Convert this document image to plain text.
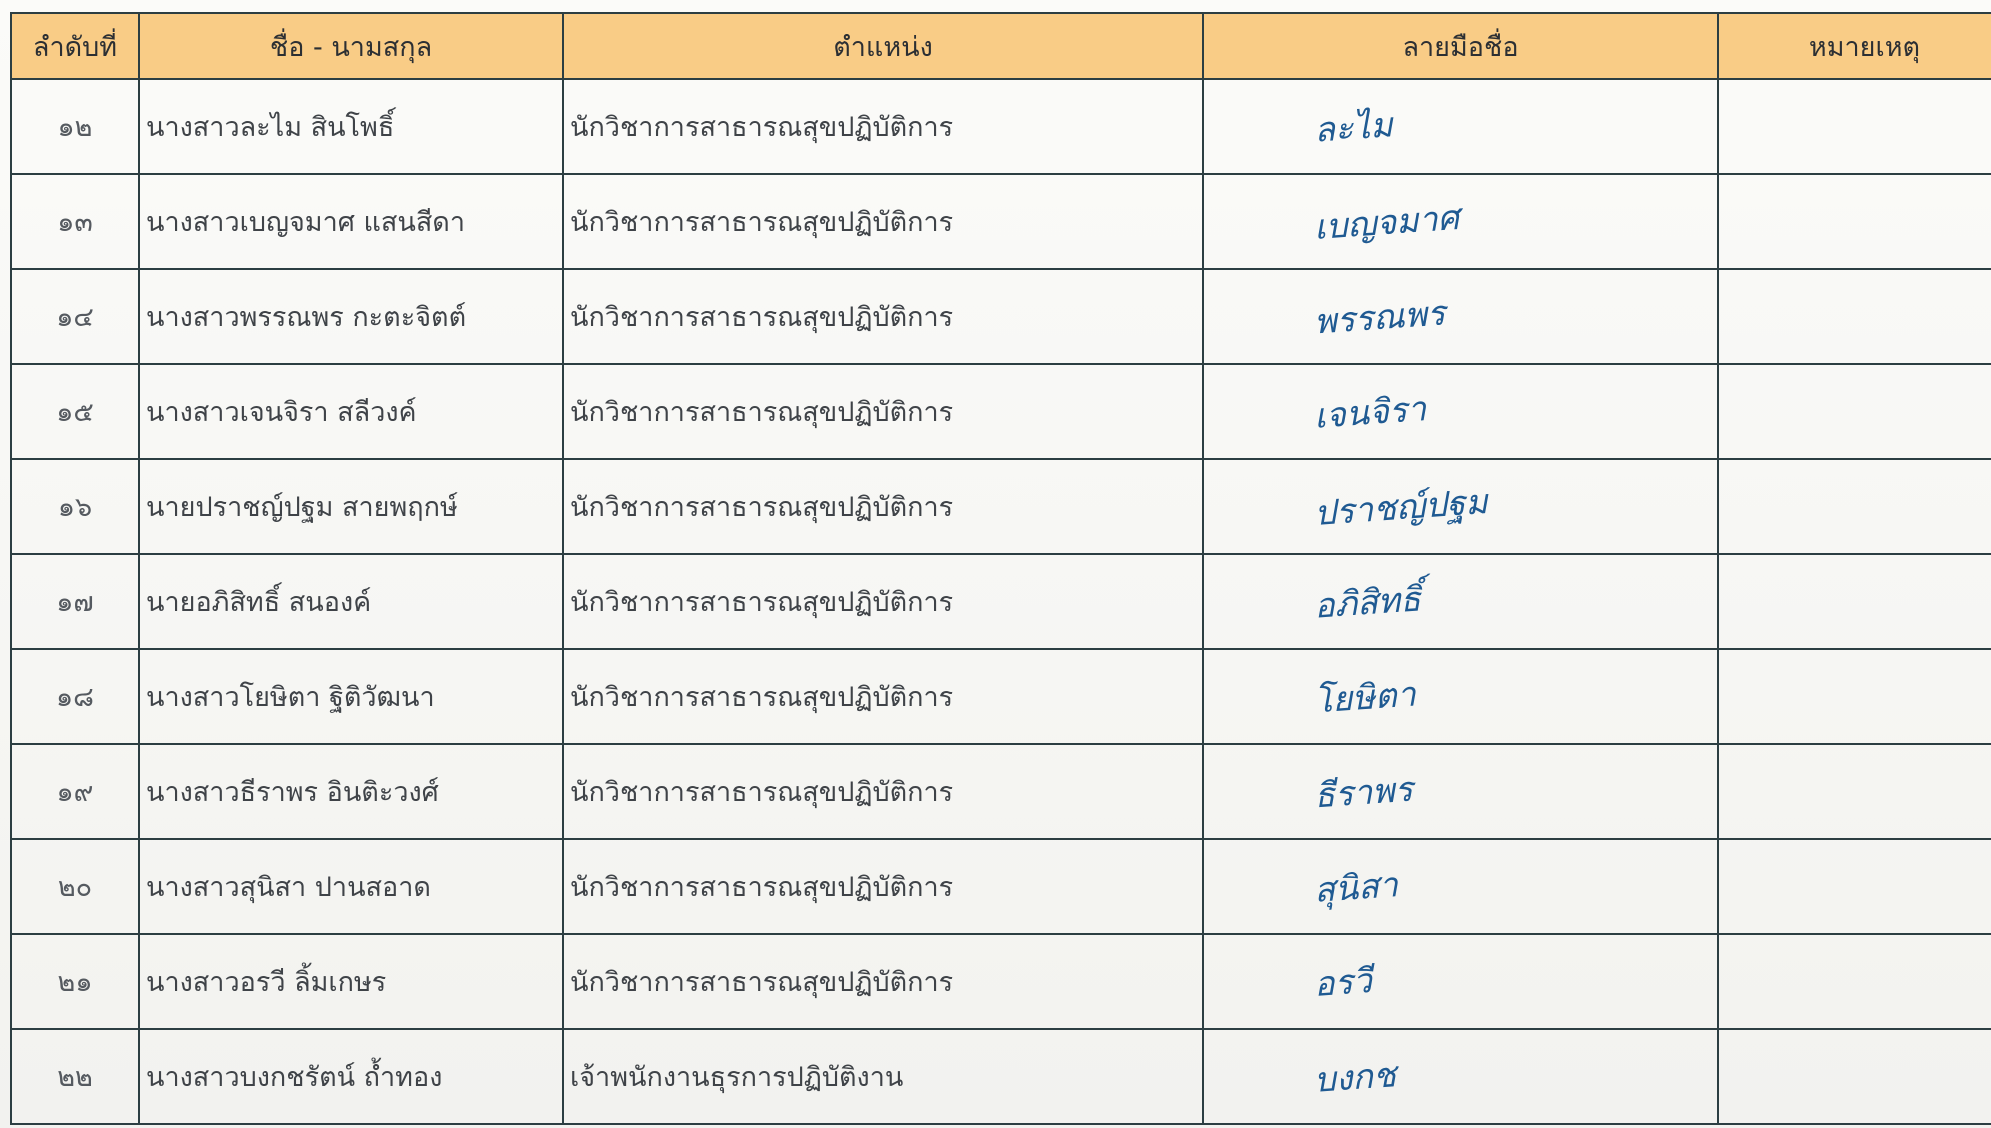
ลำดับที่	ชื่อ - นามสกุล	ตำแหน่ง	ลายมือชื่อ	หมายเหตุ
๑๒	นางสาวละไม สินโพธิ์	นักวิชาการสาธารณสุขปฏิบัติการ	ละไม	
๑๓	นางสาวเบญจมาศ แสนสีดา	นักวิชาการสาธารณสุขปฏิบัติการ	เบญจมาศ	
๑๔	นางสาวพรรณพร กะตะจิตต์	นักวิชาการสาธารณสุขปฏิบัติการ	พรรณพร	
๑๕	นางสาวเจนจิรา สลีวงค์	นักวิชาการสาธารณสุขปฏิบัติการ	เจนจิรา	
๑๖	นายปราชญ์ปฐม สายพฤกษ์	นักวิชาการสาธารณสุขปฏิบัติการ	ปราชญ์ปฐม	
๑๗	นายอภิสิทธิ์ สนองค์	นักวิชาการสาธารณสุขปฏิบัติการ	อภิสิทธิ์	
๑๘	นางสาวโยษิตา ฐิติวัฒนา	นักวิชาการสาธารณสุขปฏิบัติการ	โยษิตา	
๑๙	นางสาวธีราพร อินติะวงศ์	นักวิชาการสาธารณสุขปฏิบัติการ	ธีราพร	
๒๐	นางสาวสุนิสา ปานสอาด	นักวิชาการสาธารณสุขปฏิบัติการ	สุนิสา	
๒๑	นางสาวอรวี ลิ้มเกษร	นักวิชาการสาธารณสุขปฏิบัติการ	อรวี	
๒๒	นางสาวบงกชรัตน์ ถ้ำทอง	เจ้าพนักงานธุรการปฏิบัติงาน	บงกช	
